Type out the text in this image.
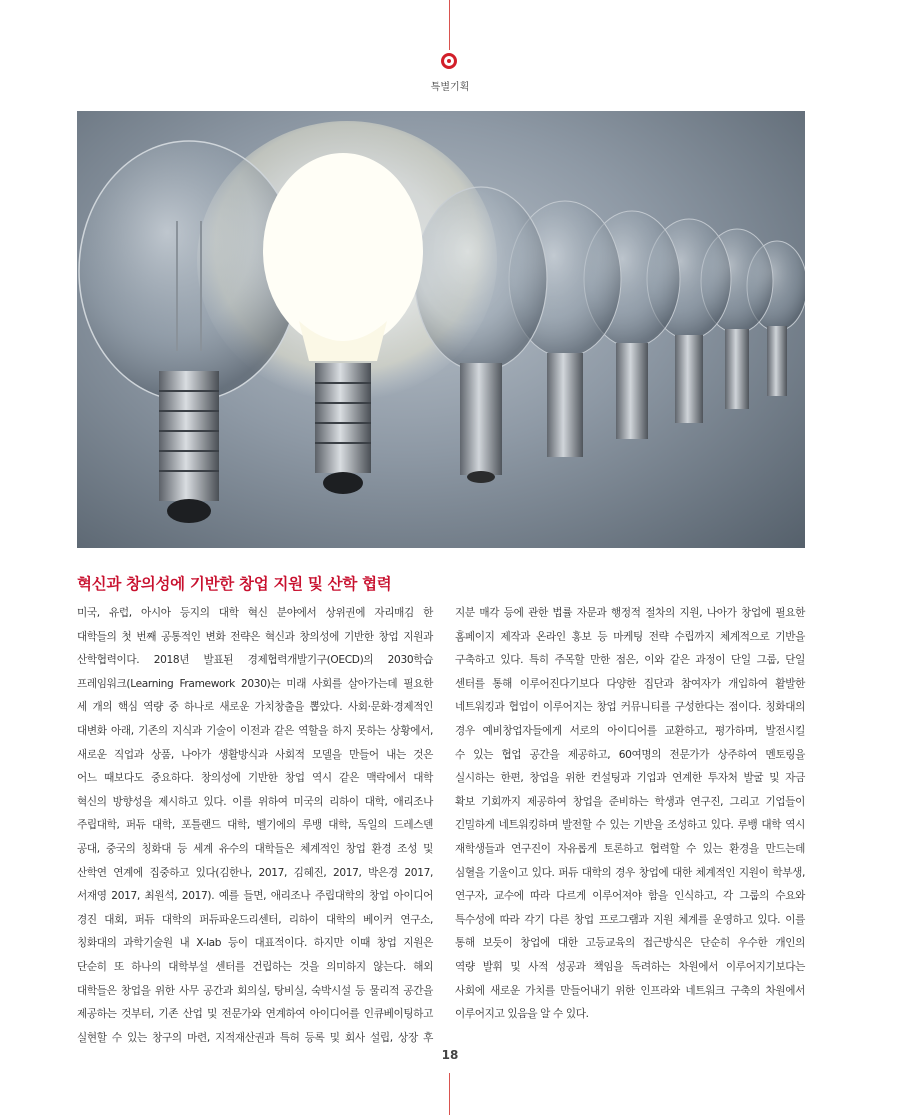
특별기획
혁신과 창의성에 기반한 창업 지원 및 산학 협력

미국, 유럽, 아시아 등지의 대학 혁신 분야에서 상위권에 자리매김 한

대학들의 첫 번째 공통적인 변화 전략은 혁신과 창의성에 기반한 창업 지원과

산학협력이다. 2018년 발표된 경제협력개발기구(OECD)의 2030학습

프레임워크(Learning Framework 2030)는 미래 사회를 살아가는데 필요한

세 개의 핵심 역량 중 하나로 새로운 가치창출을 뽑았다. 사회·문화·경제적인

대변화 아래, 기존의 지식과 기술이 이전과 같은 역할을 하지 못하는 상황에서,

새로운 직업과 상품, 나아가 생활방식과 사회적 모델을 만들어 내는 것은

어느 때보다도 중요하다. 창의성에 기반한 창업 역시 같은 맥락에서 대학

혁신의 방향성을 제시하고 있다. 이를 위하여 미국의 리하이 대학, 애리조나

주립대학, 퍼듀 대학, 포틀랜드 대학, 벨기에의 루뱅 대학, 독일의 드레스덴

공대, 중국의 칭화대 등 세계 유수의 대학들은 체계적인 창업 환경 조성 및

산학연 연계에 집중하고 있다(김한나, 2017, 김혜진, 2017, 박은경 2017,

서재영 2017, 최원석, 2017). 예를 들면, 애리조나 주립대학의 창업 아이디어

경진 대회, 퍼듀 대학의 퍼듀파운드리센터, 리하이 대학의 베이커 연구소,

칭화대의 과학기술원 내 X-lab 등이 대표적이다. 하지만 이때 창업 지원은

단순히 또 하나의 대학부설 센터를 건립하는 것을 의미하지 않는다. 해외

대학들은 창업을 위한 사무 공간과 회의실, 탕비실, 숙박시설 등 물리적 공간을

제공하는 것부터, 기존 산업 및 전문가와 연계하여 아이디어를 인큐베이팅하고

실현할 수 있는 창구의 마련, 지적재산권과 특허 등록 및 회사 설립, 상장 후

지분 매각 등에 관한 법률 자문과 행정적 절차의 지원, 나아가 창업에 필요한

홈페이지 제작과 온라인 홍보 등 마케팅 전략 수립까지 체계적으로 기반을

구축하고 있다. 특히 주목할 만한 점은, 이와 같은 과정이 단일 그룹, 단일

센터를 통해 이루어진다기보다 다양한 집단과 참여자가 개입하여 활발한

네트워킹과 협업이 이루어지는 창업 커뮤니티를 구성한다는 점이다. 칭화대의

경우 예비창업자들에게 서로의 아이디어를 교환하고, 평가하며, 발전시킬

수 있는 협업 공간을 제공하고, 60여명의 전문가가 상주하여 멘토링을

실시하는 한편, 창업을 위한 컨설팅과 기업과 연계한 투자처 발굴 및 자금

확보 기회까지 제공하여 창업을 준비하는 학생과 연구진, 그리고 기업들이

긴밀하게 네트워킹하며 발전할 수 있는 기반을 조성하고 있다. 루뱅 대학 역시

재학생들과 연구진이 자유롭게 토론하고 협력할 수 있는 환경을 만드는데

심혈을 기울이고 있다. 퍼듀 대학의 경우 창업에 대한 체계적인 지원이 학부생,

연구자, 교수에 따라 다르게 이루어져야 함을 인식하고, 각 그룹의 수요와

특수성에 따라 각기 다른 창업 프로그램과 지원 체계를 운영하고 있다. 이를

통해 보듯이 창업에 대한 고등교육의 접근방식은 단순히 우수한 개인의

역량 발휘 및 사적 성공과 책임을 독려하는 차원에서 이루어지기보다는

사회에 새로운 가치를 만들어내기 위한 인프라와 네트워크 구축의 차원에서

이루어지고 있음을 알 수 있다.

18
